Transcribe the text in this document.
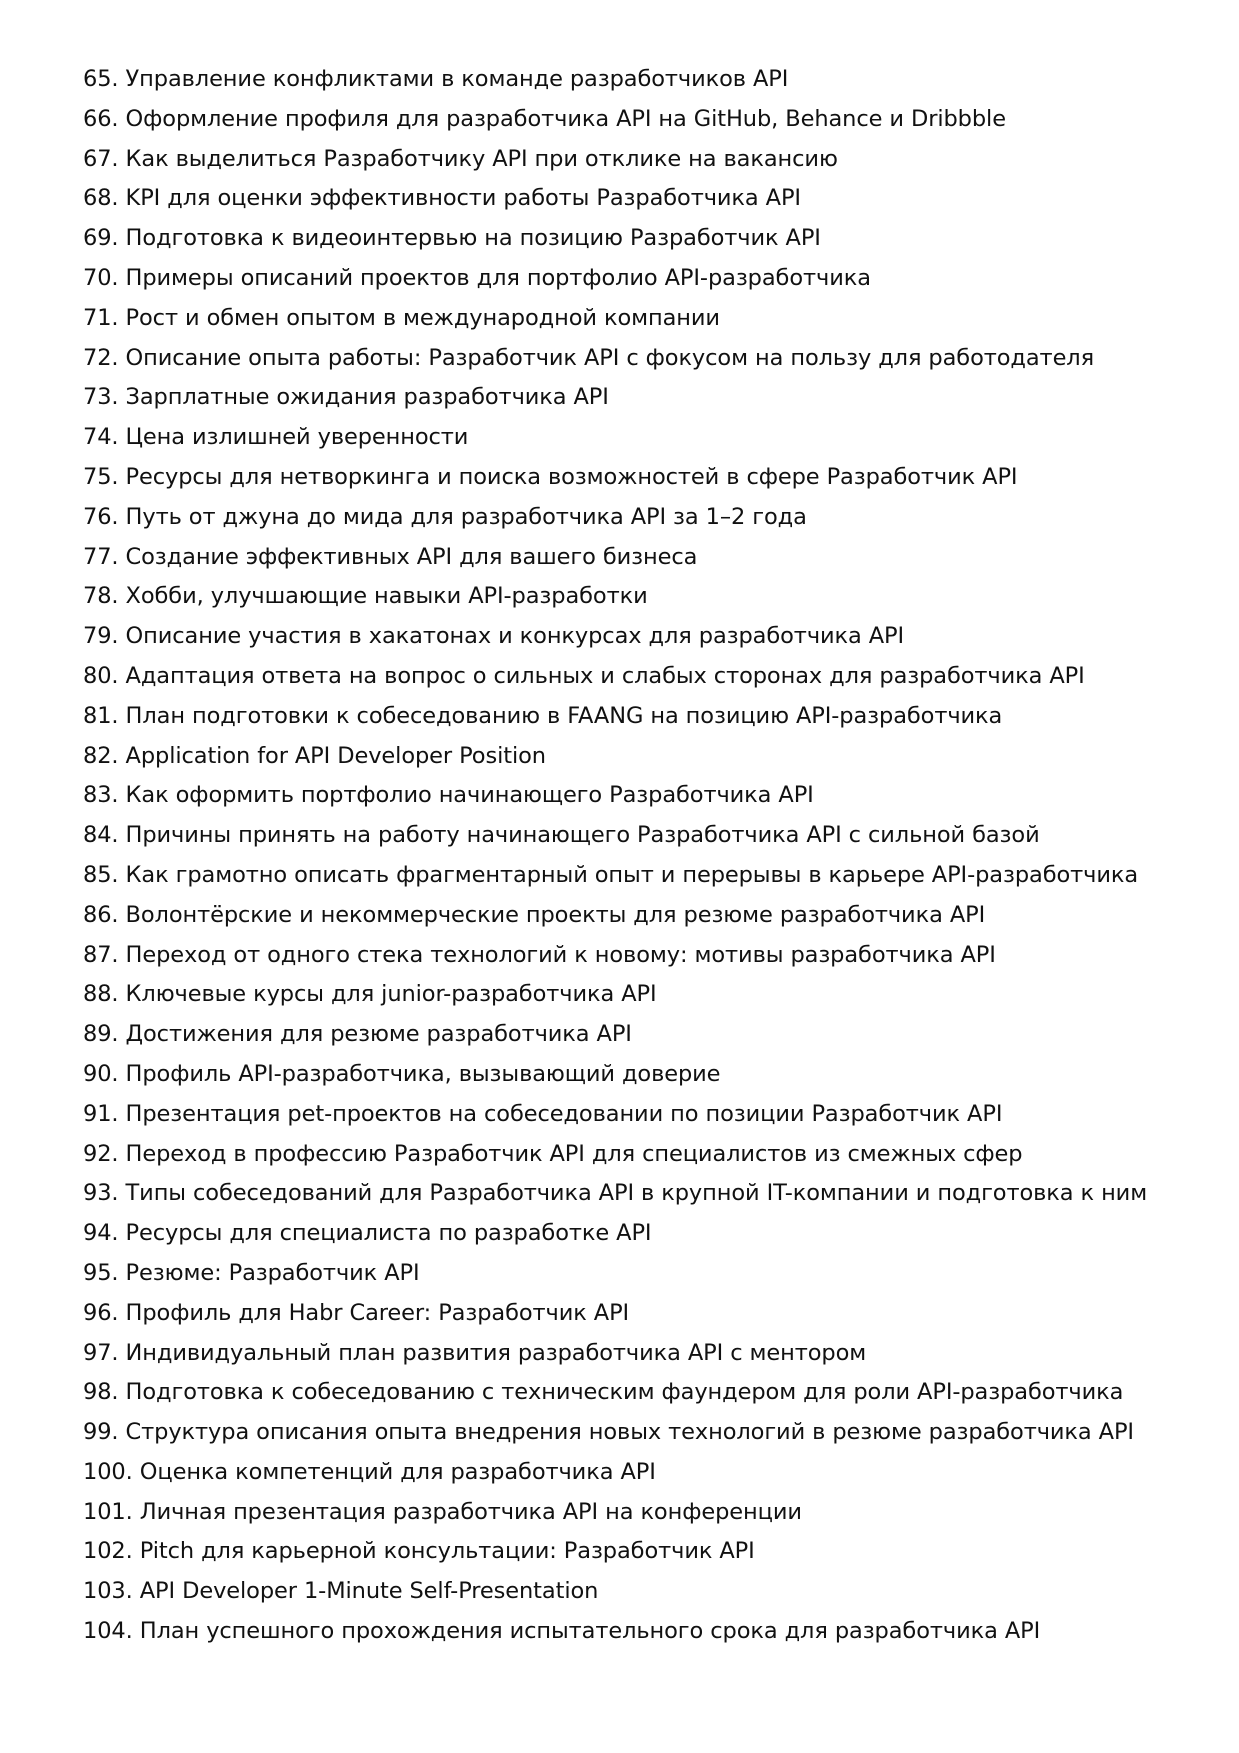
65. Управление конфликтами в команде разработчиков API
66. Оформление профиля для разработчика API на GitHub, Behance и Dribbble
67. Как выделиться Разработчику API при отклике на вакансию
68. KPI для оценки эффективности работы Разработчика API
69. Подготовка к видеоинтервью на позицию Разработчик API
70. Примеры описаний проектов для портфолио API-разработчика
71. Рост и обмен опытом в международной компании
72. Описание опыта работы: Разработчик API с фокусом на пользу для работодателя
73. Зарплатные ожидания разработчика API
74. Цена излишней уверенности
75. Ресурсы для нетворкинга и поиска возможностей в сфере Разработчик API
76. Путь от джуна до мида для разработчика API за 1–2 года
77. Создание эффективных API для вашего бизнеса
78. Хобби, улучшающие навыки API-разработки
79. Описание участия в хакатонах и конкурсах для разработчика API
80. Адаптация ответа на вопрос о сильных и слабых сторонах для разработчика API
81. План подготовки к собеседованию в FAANG на позицию API-разработчика
82. Application for API Developer Position
83. Как оформить портфолио начинающего Разработчика API
84. Причины принять на работу начинающего Разработчика API с сильной базой
85. Как грамотно описать фрагментарный опыт и перерывы в карьере API-разработчика
86. Волонтёрские и некоммерческие проекты для резюме разработчика API
87. Переход от одного стека технологий к новому: мотивы разработчика API
88. Ключевые курсы для junior-разработчика API
89. Достижения для резюме разработчика API
90. Профиль API-разработчика, вызывающий доверие
91. Презентация pet-проектов на собеседовании по позиции Разработчик API
92. Переход в профессию Разработчик API для специалистов из смежных сфер
93. Типы собеседований для Разработчика API в крупной IT-компании и подготовка к ним
94. Ресурсы для специалиста по разработке API
95. Резюме: Разработчик API
96. Профиль для Habr Career: Разработчик API
97. Индивидуальный план развития разработчика API с ментором
98. Подготовка к собеседованию с техническим фаундером для роли API-разработчика
99. Структура описания опыта внедрения новых технологий в резюме разработчика API
100. Оценка компетенций для разработчика API
101. Личная презентация разработчика API на конференции
102. Pitch для карьерной консультации: Разработчик API
103. API Developer 1-Minute Self-Presentation
104. План успешного прохождения испытательного срока для разработчика API
